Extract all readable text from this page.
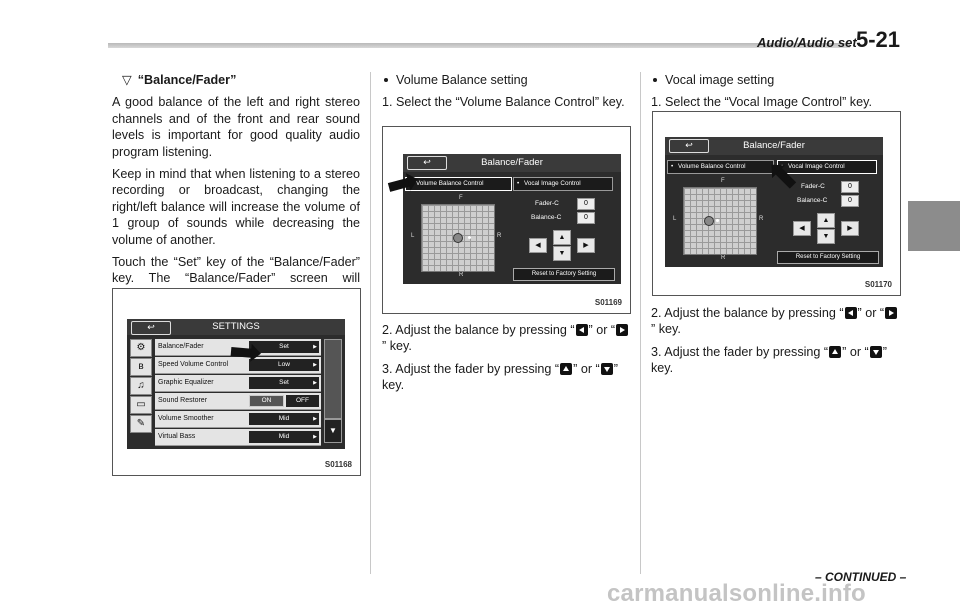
Audio/Audio set 5-21

▽ “Balance/Fader”

A good balance of the left and right stereo channels and of the front and rear sound levels is important for good quality audio program listening.

Keep in mind that when listening to a stereo recording or broadcast, changing the right/left balance will increase the volume of 1 group of sounds while decreasing the volume of another.

Touch the “Set” key of the “Balance/Fader” key. The “Balance/Fader” screen will

SETTINGS
↩
⚙
ʙ
♫
▭
✎
Balance/Fader	Set ▶
Speed Volume Control	Low ▶
Graphic Equalizer	Set ▶
Sound Restorer	ON	OFF
Volume Smoother	Mid ▶
Virtual Bass	Mid ▶
▼
S01168

Volume Balance setting

1. Select the “Volume Balance Control” key.

Balance/Fader
↩
• Volume Balance Control	• Vocal Image Control
F
L	R
R
Fader-C	0
Balance-C	0
▲
◀	▶
▼
Reset to Factory Setting
S01169

2. Adjust the balance by pressing “ ” or “” key.

3. Adjust the fader by pressing “ ” or “ ” key.

Vocal image setting

1. Select the “Vocal Image Control” key.

Balance/Fader
↩
• Volume Balance Control	• Vocal Image Control
F
L	R
R
Fader-C	0
Balance-C	0
▲
◀	▶
▼
Reset to Factory Setting
S01170

2. Adjust the balance by pressing “ ” or “” key.

3. Adjust the fader by pressing “ ” or “ ” key.

– CONTINUED –
carmanualsonline.info
